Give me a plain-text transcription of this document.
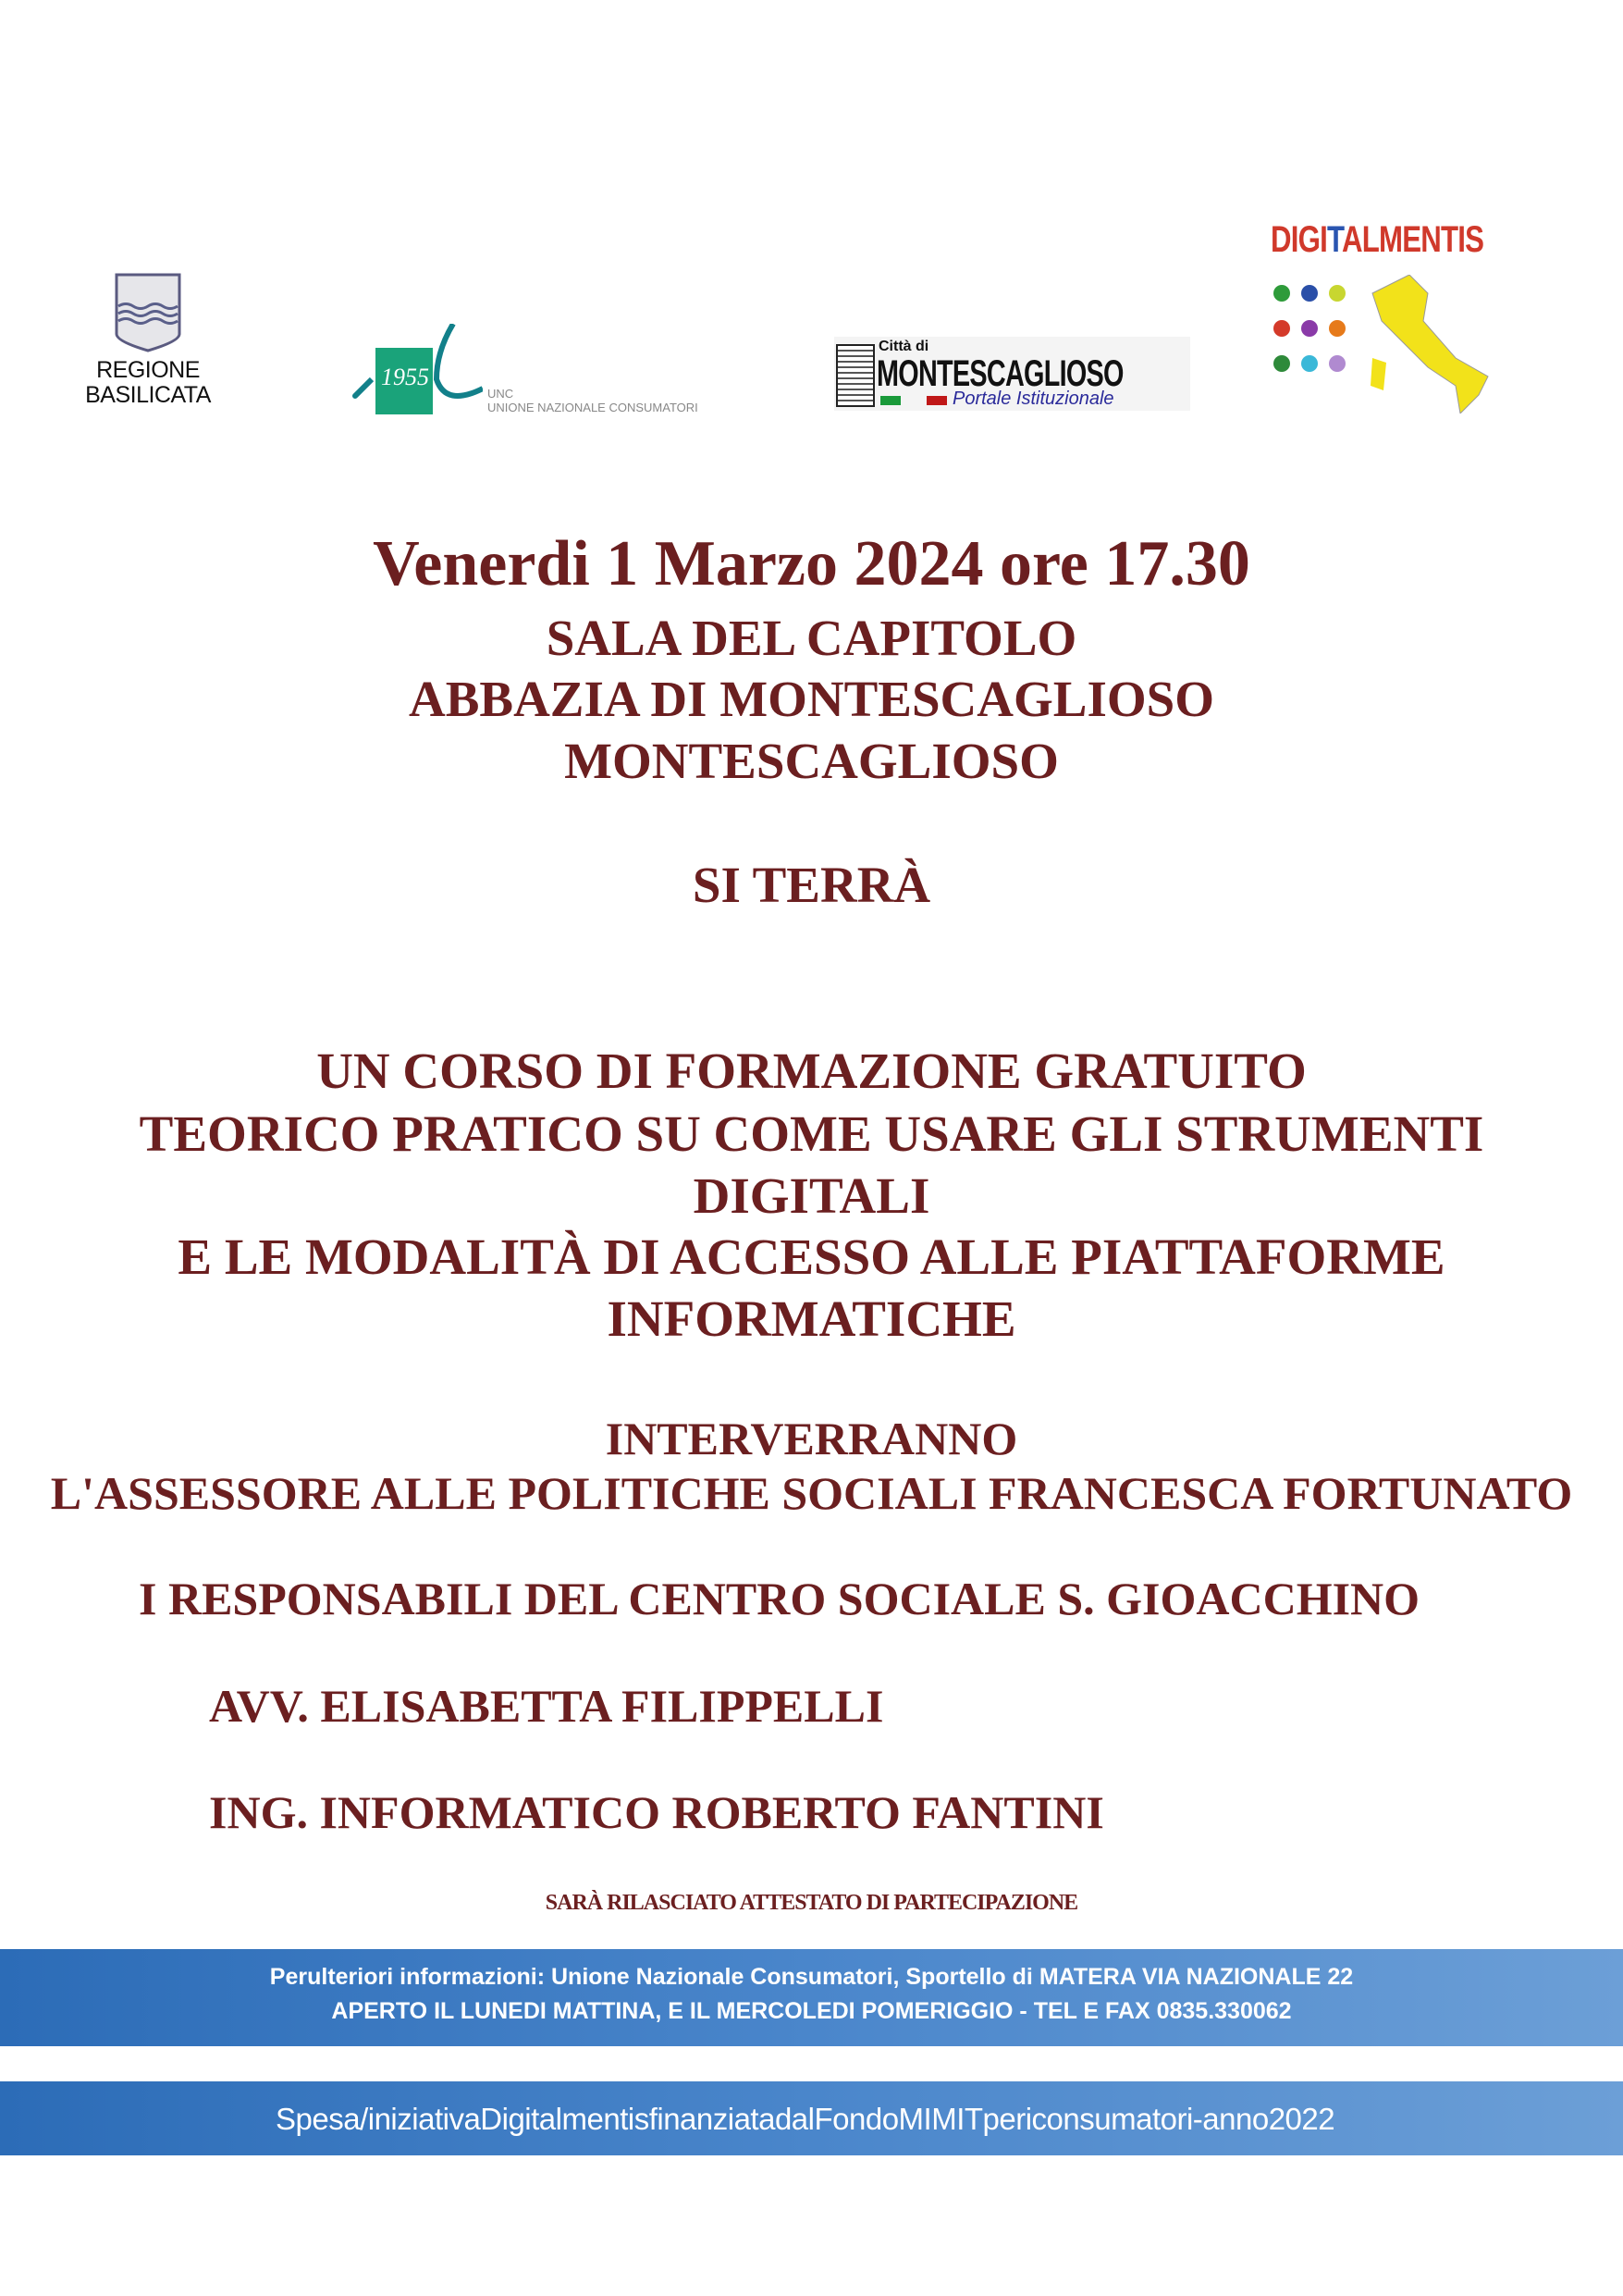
REGIONE
BASILICATA
1955
UNC
UNIONE NAZIONALE CONSUMATORI
Città di
MONTESCAGLIOSO
Portale Istituzionale
DIGITALMENTIS
Venerdi 1 Marzo 2024 ore 17.30
SALA DEL CAPITOLO
ABBAZIA DI MONTESCAGLIOSO
MONTESCAGLIOSO
SI TERRÀ
UN CORSO DI FORMAZIONE GRATUITO
TEORICO PRATICO SU COME USARE GLI STRUMENTI
DIGITALI
E LE MODALITÀ DI ACCESSO ALLE PIATTAFORME
INFORMATICHE
INTERVERRANNO
L'ASSESSORE ALLE POLITICHE SOCIALI FRANCESCA FORTUNATO
I RESPONSABILI DEL CENTRO SOCIALE S. GIOACCHINO
AVV. ELISABETTA FILIPPELLI
ING. INFORMATICO ROBERTO FANTINI
SARÀ RILASCIATO ATTESTATO DI PARTECIPAZIONE
Perulteriori informazioni: Unione Nazionale Consumatori, Sportello di MATERA VIA NAZIONALE 22
APERTO IL LUNEDI MATTINA, E IL MERCOLEDI POMERIGGIO - TEL E FAX 0835.330062
Spesa/iniziativaDigitalmentisfinanziatadalFondoMIMITpericonsumatori-anno2022
